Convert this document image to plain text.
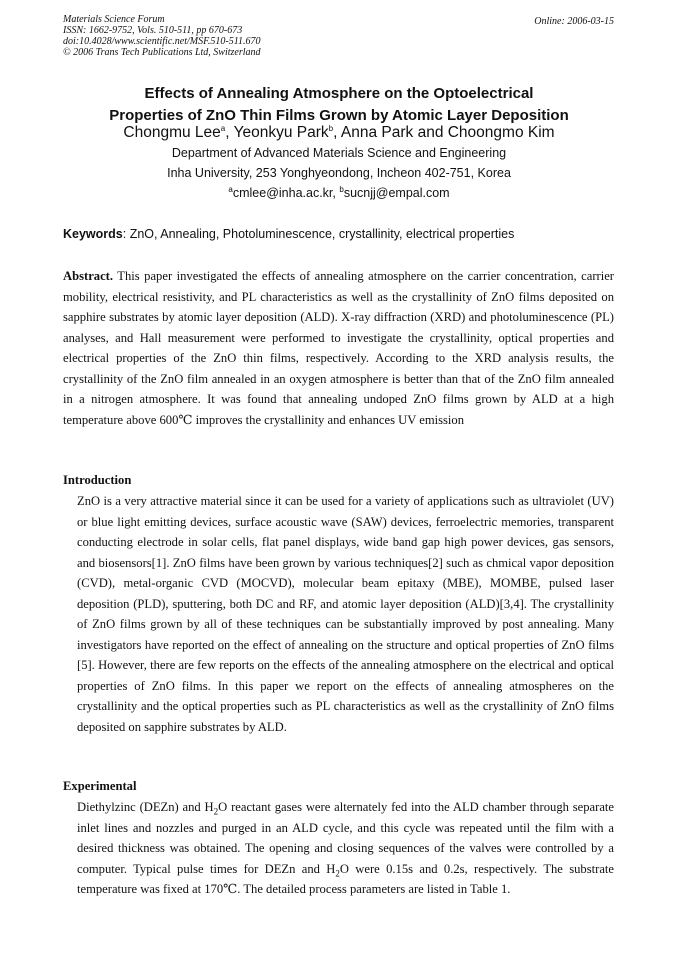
Materials Science Forum
ISSN: 1662-9752, Vols. 510-511, pp 670-673
doi:10.4028/www.scientific.net/MSF.510-511.670
© 2006 Trans Tech Publications Ltd, Switzerland
Online: 2006-03-15
Effects of Annealing Atmosphere on the Optoelectrical
Properties of ZnO Thin Films Grown by Atomic Layer Deposition
Chongmu Lee$^a$, Yeonkyu Park$^b$, Anna Park and Choongmo Kim
Department of Advanced Materials Science and Engineering
Inha University, 253 Yonghyeondong, Incheon 402-751, Korea
$^a$cmlee@inha.ac.kr, $^b$sucnjj@empal.com
Keywords: ZnO, Annealing, Photoluminescence, crystallinity, electrical properties
Abstract. This paper investigated the effects of annealing atmosphere on the carrier concentration, carrier mobility, electrical resistivity, and PL characteristics as well as the crystallinity of ZnO films deposited on sapphire substrates by atomic layer deposition (ALD). X-ray diffraction (XRD) and photoluminescence (PL) analyses, and Hall measurement were performed to investigate the crystallinity, optical properties and electrical properties of the ZnO thin films, respectively. According to the XRD analysis results, the crystallinity of the ZnO film annealed in an oxygen atmosphere is better than that of the ZnO film annealed in a nitrogen atmosphere. It was found that annealing undoped ZnO films grown by ALD at a high temperature above 600℃ improves the crystallinity and enhances UV emission
Introduction
ZnO is a very attractive material since it can be used for a variety of applications such as ultraviolet (UV) or blue light emitting devices, surface acoustic wave (SAW) devices, ferroelectric memories, transparent conducting electrode in solar cells, flat panel displays, wide band gap high power devices, gas sensors, and biosensors[1]. ZnO films have been grown by various techniques[2] such as chmical vapor deposition (CVD), metal-organic CVD (MOCVD), molecular beam epitaxy (MBE), MOMBE, pulsed laser deposition (PLD), sputtering, both DC and RF, and atomic layer deposition (ALD)[3,4]. The crystallinity of ZnO films grown by all of these techniques can be substantially improved by post annealing. Many investigators have reported on the effect of annealing on the structure and optical properties of ZnO films [5]. However, there are few reports on the effects of the annealing atmosphere on the electrical and optical properties of ZnO films. In this paper we report on the effects of annealing atmospheres on the crystallinity and the optical properties such as PL characteristics as well as the crystallinity of ZnO films deposited on sapphire substrates by ALD.
Experimental
Diethylzinc (DEZn) and $H_2O$ reactant gases were alternately fed into the ALD chamber through separate inlet lines and nozzles and purged in an ALD cycle, and this cycle was repeated until the film with a desired thickness was obtained. The opening and closing sequences of the valves were controlled by a computer. Typical pulse times for DEZn and $H_2O$ were 0.15s and 0.2s, respectively. The substrate temperature was fixed at 170℃. The detailed process parameters are listed in Table 1.
